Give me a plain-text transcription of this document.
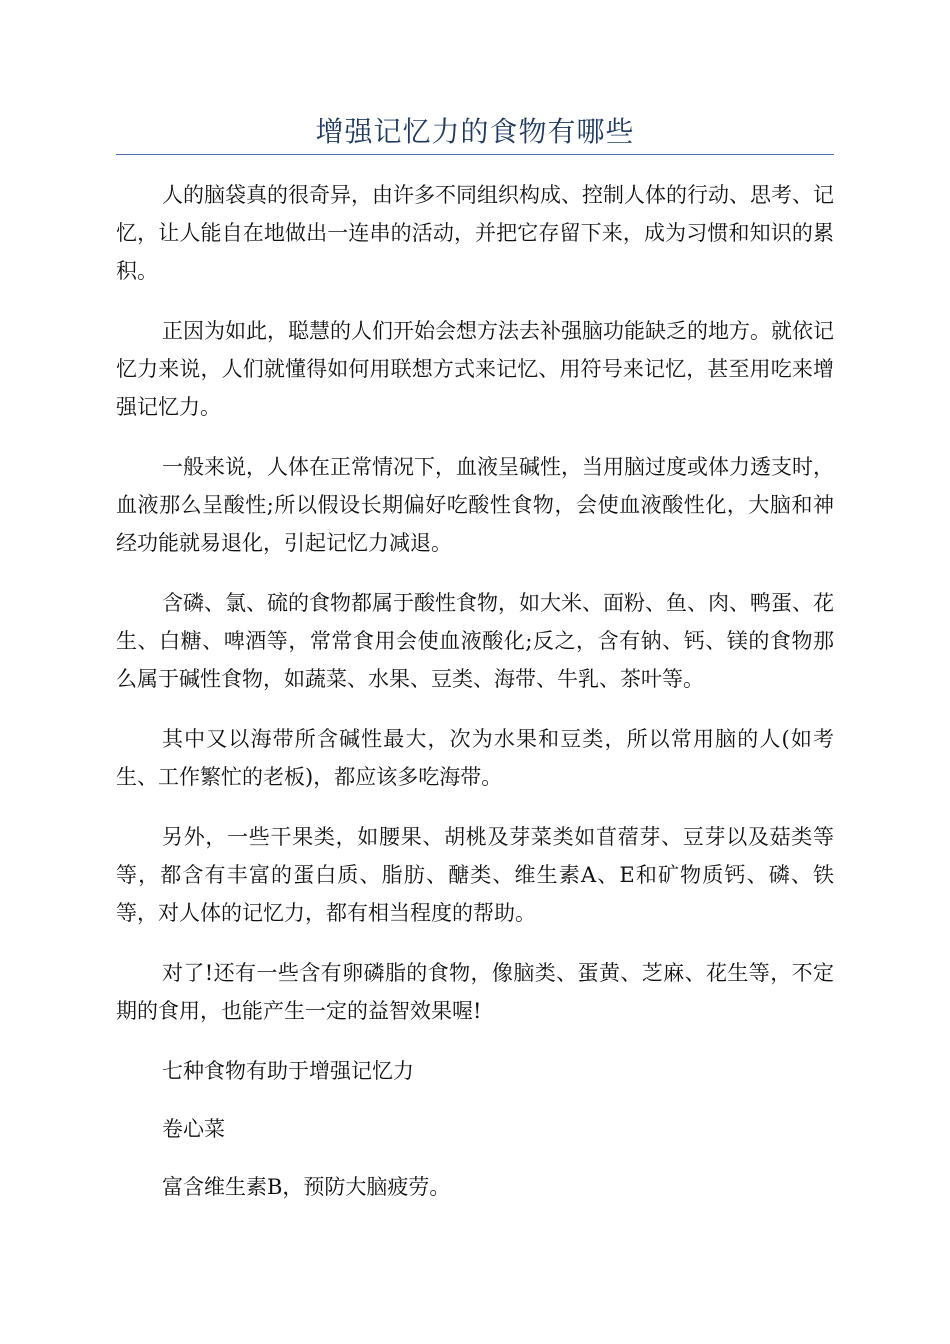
增强记忆力的食物有哪些

人的脑袋真的很奇异，由许多不同组织构成、控制人体的行动、思考、记忆，让人能自在地做出一连串的活动，并把它存留下来，成为习惯和知识的累积。

正因为如此，聪慧的人们开始会想方法去补强脑功能缺乏的地方。就依记忆力来说，人们就懂得如何用联想方式来记忆、用符号来记忆，甚至用吃来增强记忆力。

一般来说，人体在正常情况下，血液呈碱性，当用脑过度或体力透支时，血液那么呈酸性;所以假设长期偏好吃酸性食物，会使血液酸性化，大脑和神经功能就易退化，引起记忆力减退。

含磷、氯、硫的食物都属于酸性食物，如大米、面粉、鱼、肉、鸭蛋、花生、白糖、啤酒等，常常食用会使血液酸化;反之，含有钠、钙、镁的食物那么属于碱性食物，如蔬菜、水果、豆类、海带、牛乳、茶叶等。

其中又以海带所含碱性最大，次为水果和豆类，所以常用脑的人(如考生、工作繁忙的老板)，都应该多吃海带。

另外，一些干果类，如腰果、胡桃及芽菜类如苜蓿芽、豆芽以及菇类等等，都含有丰富的蛋白质、脂肪、醣类、维生素A、E和矿物质钙、磷、铁等，对人体的记忆力，都有相当程度的帮助。

对了!还有一些含有卵磷脂的食物，像脑类、蛋黄、芝麻、花生等，不定期的食用，也能产生一定的益智效果喔!

七种食物有助于增强记忆力

卷心菜

富含维生素B，预防大脑疲劳。
